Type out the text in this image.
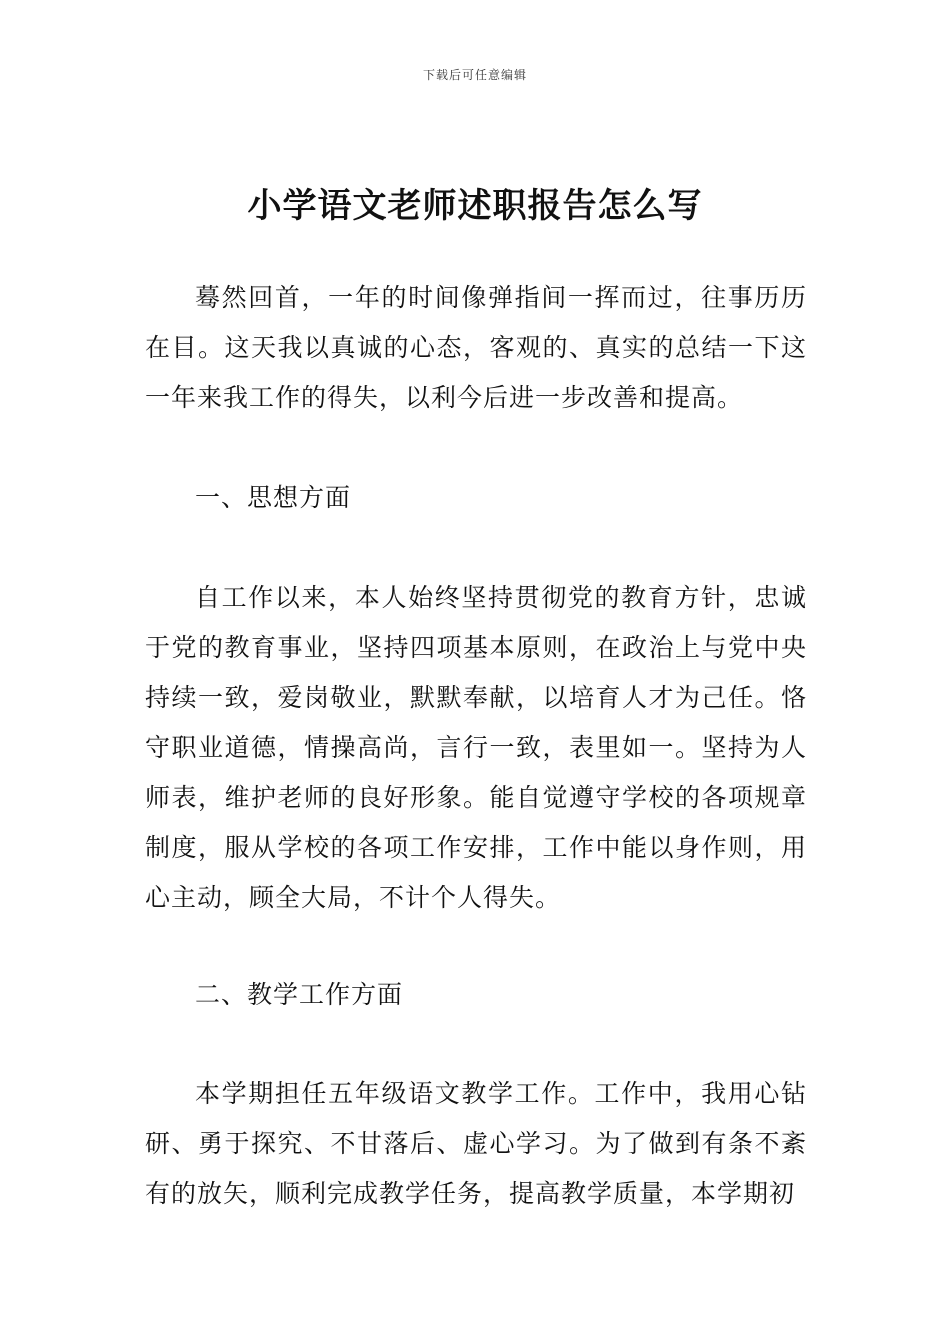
下载后可任意编辑
小学语文老师述职报告怎么写

蓦然回首，一年的时间像弹指间一挥而过，往事历历在目。这天我以真诚的心态，客观的、真实的总结一下这一年来我工作的得失，以利今后进一步改善和提高。

一、思想方面

自工作以来，本人始终坚持贯彻党的教育方针，忠诚于党的教育事业，坚持四项基本原则，在政治上与党中央持续一致，爱岗敬业，默默奉献，以培育人才为己任。恪守职业道德，情操高尚，言行一致，表里如一。坚持为人师表，维护老师的良好形象。能自觉遵守学校的各项规章制度，服从学校的各项工作安排，工作中能以身作则，用心主动，顾全大局，不计个人得失。

二、教学工作方面

本学期担任五年级语文教学工作。工作中，我用心钻研、勇于探究、不甘落后、虚心学习。为了做到有条不紊有的放矢，顺利完成教学任务，提高教学质量，本学期初
